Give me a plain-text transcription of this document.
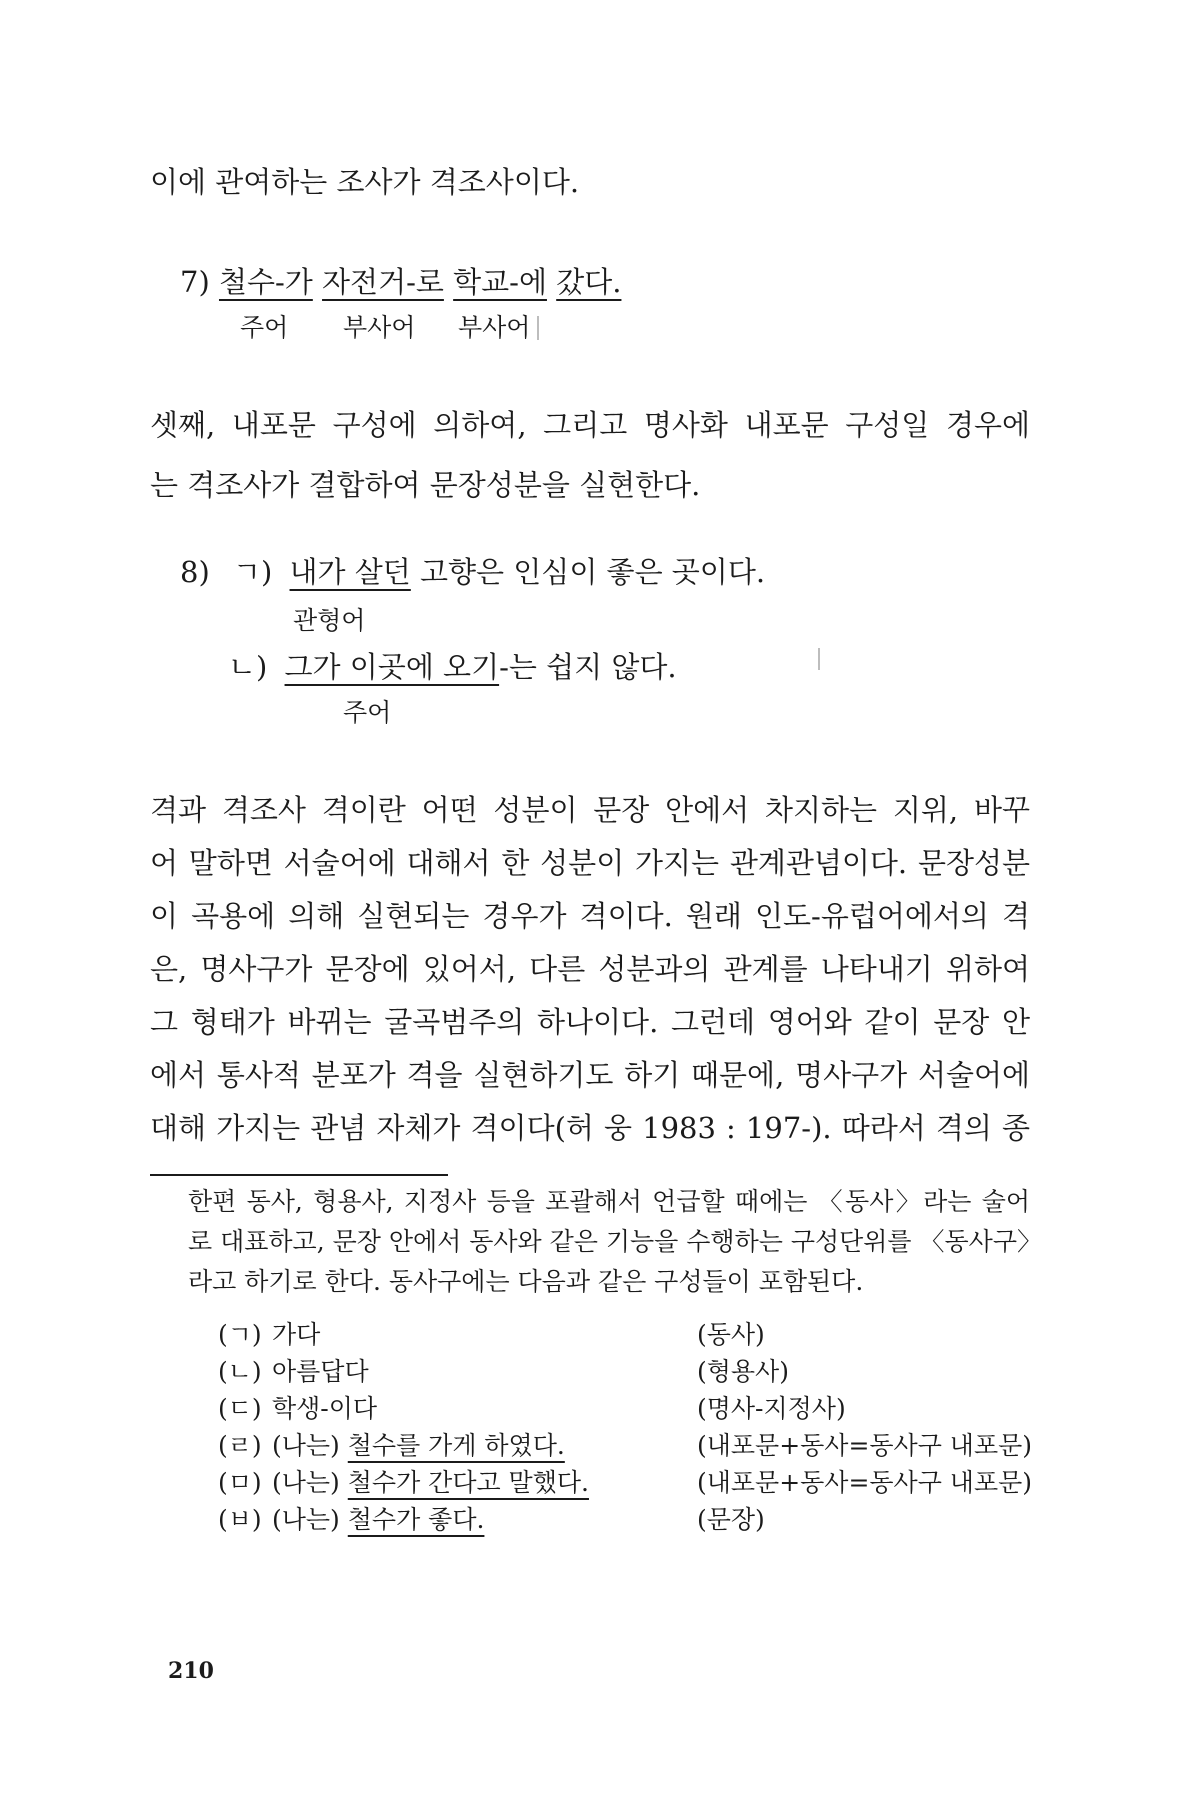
이에 관여하는 조사가 격조사이다.
7) 철수-가 자전거-로 학교-에 갔다.
주어 부사어 부사어
셋째, 내포문 구성에 의하여, 그리고 명사화 내포문 구성일 경우에
는 격조사가 결합하여 문장성분을 실현한다.
8) ㄱ) 내가 살던 고향은 인심이 좋은 곳이다.
관형어
ㄴ) 그가 이곳에 오기-는 쉽지 않다.
주어
격과 격조사 격이란 어떤 성분이 문장 안에서 차지하는 지위, 바꾸
어 말하면 서술어에 대해서 한 성분이 가지는 관계관념이다. 문장성분
이 곡용에 의해 실현되는 경우가 격이다. 원래 인도-유럽어에서의 격
은, 명사구가 문장에 있어서, 다른 성분과의 관계를 나타내기 위하여
그 형태가 바뀌는 굴곡범주의 하나이다. 그런데 영어와 같이 문장 안
에서 통사적 분포가 격을 실현하기도 하기 때문에, 명사구가 서술어에
대해 가지는 관념 자체가 격이다(허 웅 1983 : 197-). 따라서 격의 종
한편 동사, 형용사, 지정사 등을 포괄해서 언급할 때에는 〈동사〉라는 술어
로 대표하고, 문장 안에서 동사와 같은 기능을 수행하는 구성단위를 〈동사구〉
라고 하기로 한다. 동사구에는 다음과 같은 구성들이 포함된다.
(ㄱ) 가다	(동사)
(ㄴ) 아름답다	(형용사)
(ㄷ) 학생-이다	(명사-지정사)
(ㄹ) (나는) 철수를 가게 하였다.	(내포문+동사=동사구 내포문)
(ㅁ) (나는) 철수가 간다고 말했다.	(내포문+동사=동사구 내포문)
(ㅂ) (나는) 철수가 좋다.	(문장)
210
